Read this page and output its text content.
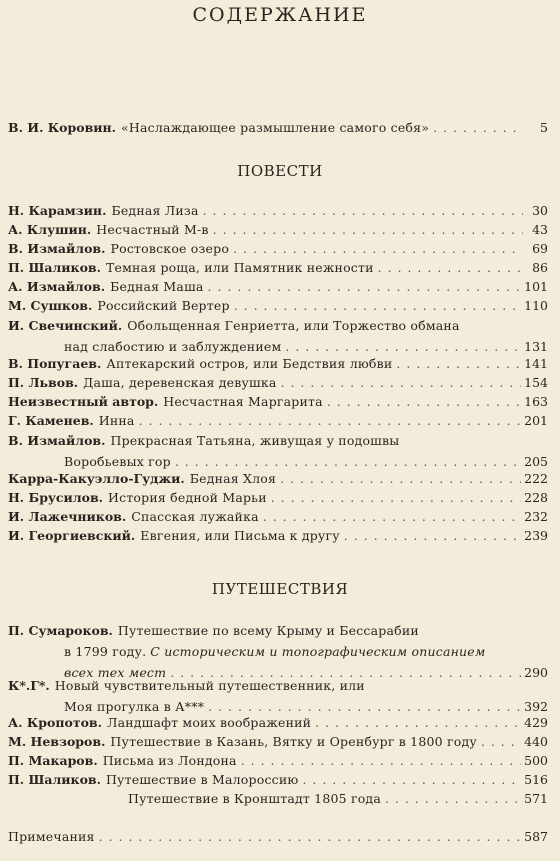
СОДЕРЖАНИЕ
В. И. Коровин. «Наслаждающее размышление самого себя» . . .	5
ПОВЕСТИ
Н. Карамзин. Бедная Лиза . . .	30
А. Клушин. Несчастный М-в . . .	43
В. Измайлов. Ростовское озеро . . .	69
П. Шаликов. Темная роща, или Памятник нежности . . .	86
А. Измайлов. Бедная Маша . . .	101
М. Сушков. Российский Вертер . . .	110
И. Свечинский. Обольщенная Генриетта, или Торжество обмана
над слабостию и заблуждением . . .	131
В. Попугаев. Аптекарский остров, или Бедствия любви . . .	141
П. Львов. Даша, деревенская девушка . . .	154
Неизвестный автор. Несчастная Маргарита . . .	163
Г. Каменев. Инна . . .	201
В. Измайлов. Прекрасная Татьяна, живущая у подошвы
Воробьевых гор . . .	205
Карра-Какуэлло-Гуджи. Бедная Хлоя . . .	222
Н. Брусилов. История бедной Марьи . . .	228
И. Лажечников. Спасская лужайка . . .	232
И. Георгиевский. Евгения, или Письма к другу . . .	239
ПУТЕШЕСТВИЯ
П. Сумароков. Путешествие по всему Крыму и Бессарабии
в 1799 году.
С историческим и топографическим описанием
всех тех мест . . .	290
К*.Г*. Новый чувствительный путешественник, или
Моя прогулка в А*** . . .	392
А. Кропотов. Ландшафт моих воображений . . .	429
М. Невзоров. Путешествие в Казань, Вятку и Оренбург в 1800 году . . .	440
П. Макаров. Письма из Лондона . . .	500
П. Шаликов. Путешествие в Малороссию . . .	516
Путешествие в Кронштадт 1805 года . . .	571
Примечания . . .	587
